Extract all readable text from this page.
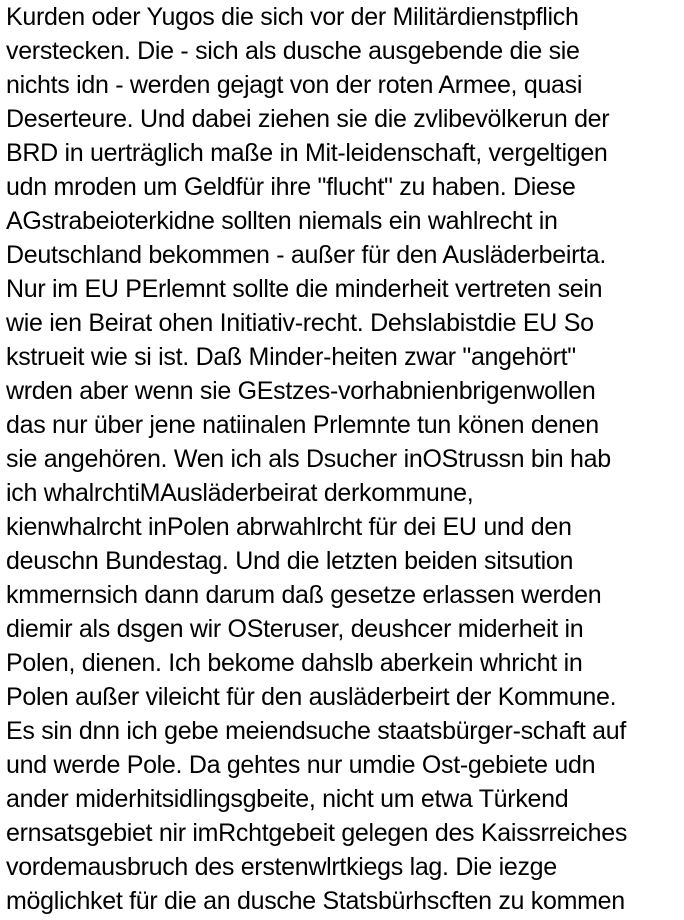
Kurden oder Yugos die sich vor der Militärdienstpflich
verstecken. Die - sich als dusche ausgebende die sie
nichts idn - werden gejagt von der roten Armee, quasi
Deserteure. Und dabei ziehen sie die zvlibevölkerun der
BRD in uerträglich maße in Mit-leidenschaft, vergeltigen
udn mroden um Geldfür ihre "flucht" zu haben. Diese
AGstrabeioterkidne sollten niemals ein wahlrecht in
Deutschland bekommen - außer für den Ausläderbeirta.
Nur im EU PErlemnt sollte die minderheit vertreten sein
wie ien Beirat ohen Initiativ-recht. Dehslabistdie EU So
kstrueit wie si ist. Daß Minder-heiten zwar "angehört"
wrden aber wenn sie GEstzes-vorhabnienbrigenwollen
das nur über jene natiinalen Prlemnte tun könen denen
sie angehören. Wen ich als Dsucher inOStrussn bin hab
ich whalrchtiMAusläderbeirat derkommune,
kienwhalrcht inPolen abrwahlrcht für dei EU und den
deuschn Bundestag. Und die letzten beiden sitsution
kmmernsich dann darum daß gesetze erlassen werden
diemir als dsgen wir OSteruser, deushcer miderheit in
Polen, dienen. Ich bekome dahslb aberkein whricht in
Polen außer vileicht für den ausläderbeirt der Kommune.
Es sin dnn ich gebe meiendsuche staatsbürger-schaft auf
und werde Pole. Da gehtes nur umdie Ost-gebiete udn
ander miderhitsidlingsgbeite, nicht um etwa Türkend
ernsatsgebiet nir imRchtgebeit gelegen des Kaissrreiches
vordemausbruch des erstenwlrtkiegs lag. Die iezge
möglichket für die an dusche Statsbürhscften zu kommen
